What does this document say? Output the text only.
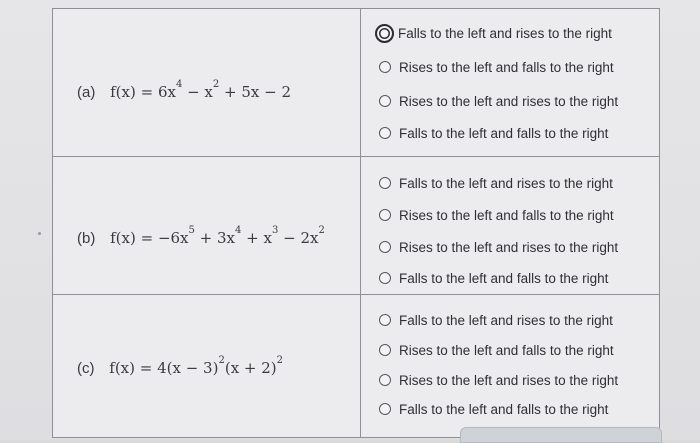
(a) $f(x) = 6x^4 - x^2 + 5x - 2$
Falls to the left and rises to the right
Rises to the left and falls to the right
Rises to the left and rises to the right
Falls to the left and falls to the right
(b) $f(x) = -6x^5 + 3x^4 + x^3 - 2x^2$
Falls to the left and rises to the right
Rises to the left and falls to the right
Rises to the left and rises to the right
Falls to the left and falls to the right
(c) $f(x) = 4(x - 3)^2(x + 2)^2$
Falls to the left and rises to the right
Rises to the left and falls to the right
Rises to the left and rises to the right
Falls to the left and falls to the right
